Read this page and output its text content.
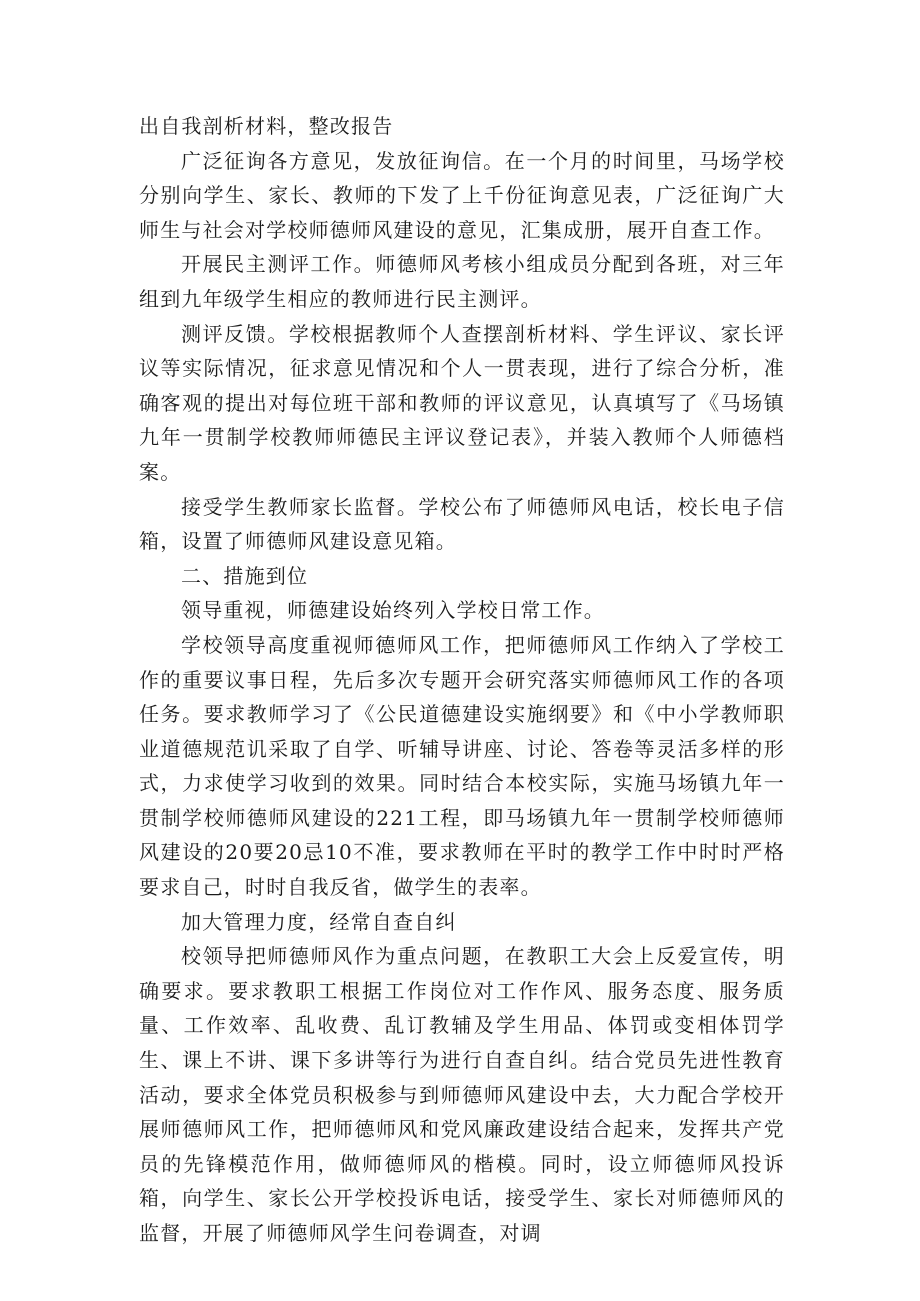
出自我剖析材料，整改报告

广泛征询各方意见，发放征询信。在一个月的时间里，马场学校分别向学生、家长、教师的下发了上千份征询意见表，广泛征询广大师生与社会对学校师德师风建设的意见，汇集成册，展开自查工作。

开展民主测评工作。师德师风考核小组成员分配到各班，对三年组到九年级学生相应的教师进行民主测评。

测评反馈。学校根据教师个人查摆剖析材料、学生评议、家长评议等实际情况，征求意见情况和个人一贯表现，进行了综合分析，准确客观的提出对每位班干部和教师的评议意见，认真填写了《马场镇九年一贯制学校教师师德民主评议登记表》，并装入教师个人师德档案。

接受学生教师家长监督。学校公布了师德师风电话，校长电子信箱，设置了师德师风建设意见箱。

二、措施到位

领导重视，师德建设始终列入学校日常工作。

学校领导高度重视师德师风工作，把师德师风工作纳入了学校工作的重要议事日程，先后多次专题开会研究落实师德师风工作的各项任务。要求教师学习了《公民道德建设实施纲要》和《中小学教师职业道德规范讥采取了自学、听辅导讲座、讨论、答卷等灵活多样的形式，力求使学习收到的效果。同时结合本校实际，实施马场镇九年一贯制学校师德师风建设的221工程，即马场镇九年一贯制学校师德师风建设的20要20忌10不准，要求教师在平时的教学工作中时时严格要求自己，时时自我反省，做学生的表率。

加大管理力度，经常自查自纠

校领导把师德师风作为重点问题，在教职工大会上反爱宣传，明确要求。要求教职工根据工作岗位对工作作风、服务态度、服务质量、工作效率、乱收费、乱订教辅及学生用品、体罚或变相体罚学生、课上不讲、课下多讲等行为进行自查自纠。结合党员先进性教育活动，要求全体党员积极参与到师德师风建设中去，大力配合学校开展师德师风工作，把师德师风和党风廉政建设结合起来，发挥共产党员的先锋模范作用，做师德师风的楷模。同时，设立师德师风投诉箱，向学生、家长公开学校投诉电话，接受学生、家长对师德师风的监督，开展了师德师风学生问卷调查，对调
